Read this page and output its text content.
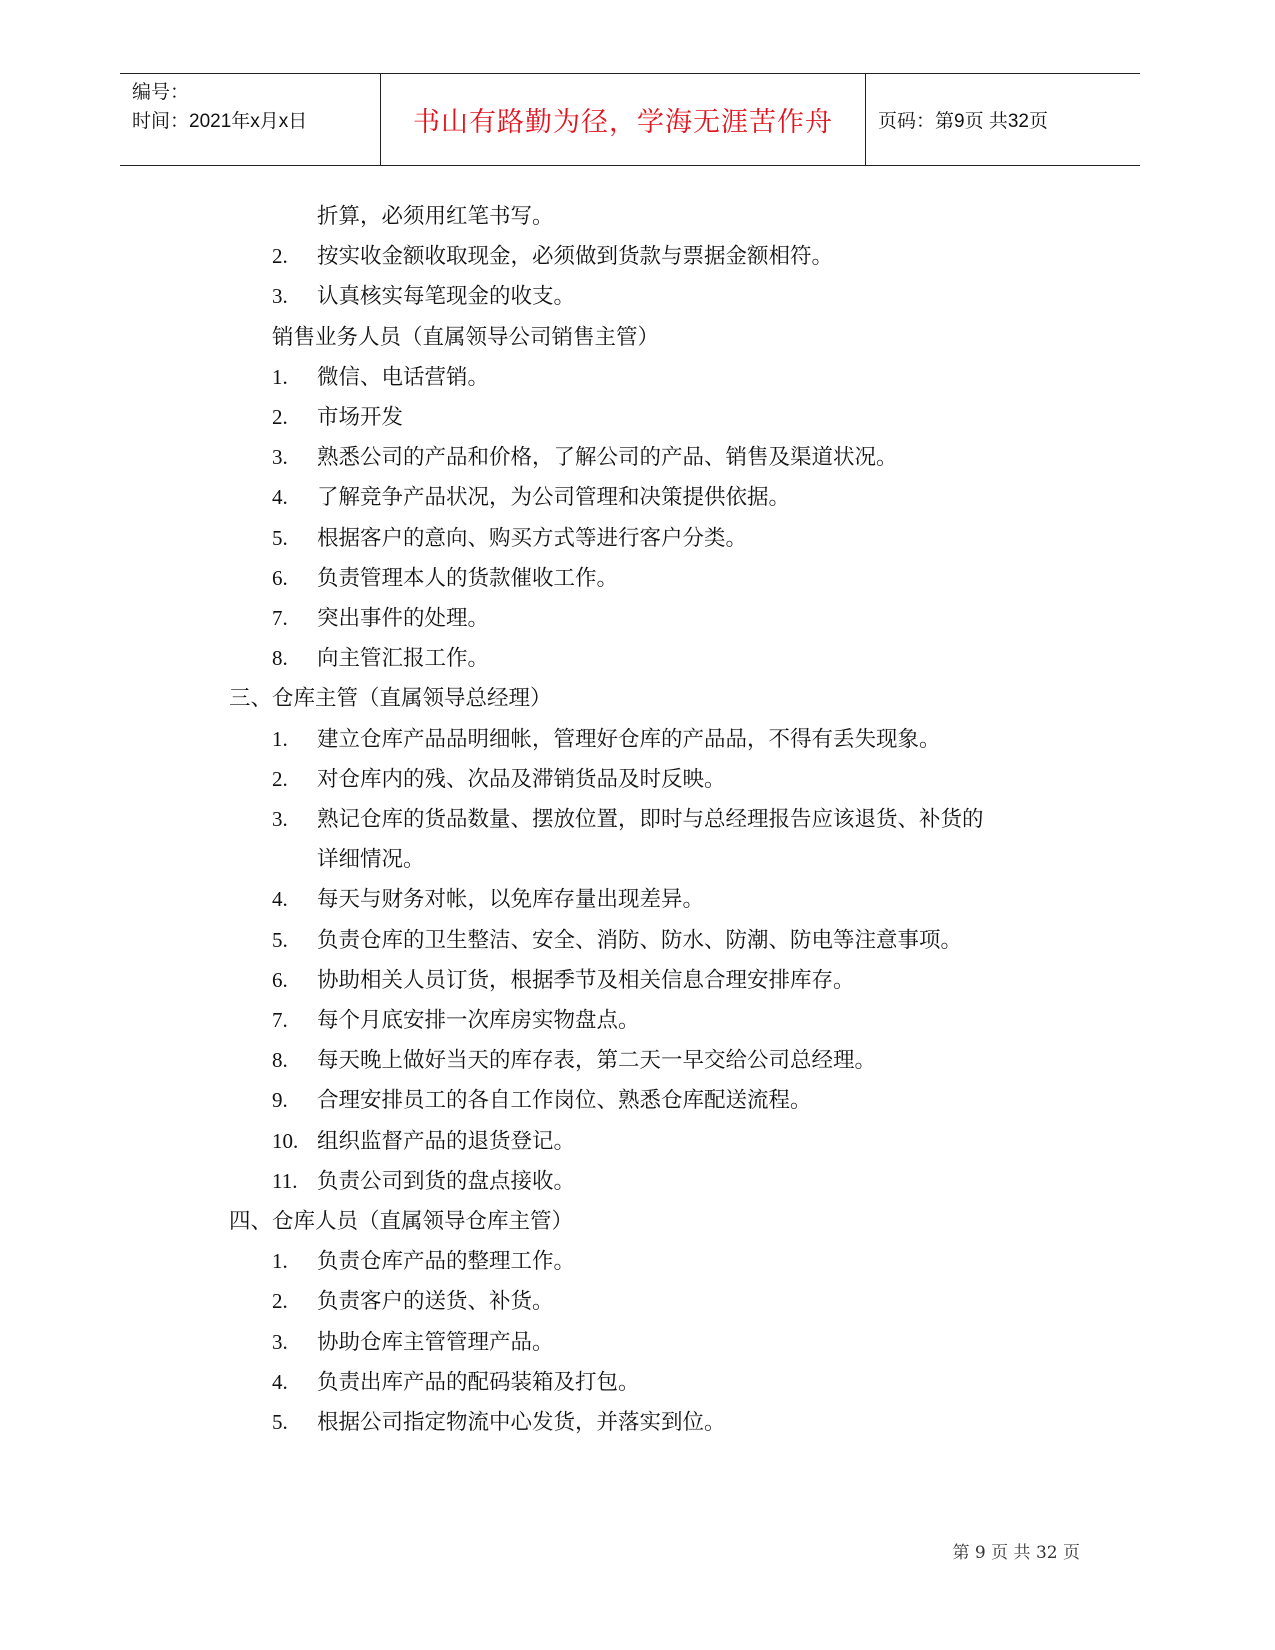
编号：
时间：2021年x月x日	书山有路勤为径，学海无涯苦作舟 页码：第9页 共32页
折算，必须用红笔书写。
2. 按实收金额收取现金，必须做到货款与票据金额相符。
3. 认真核实每笔现金的收支。
销售业务人员（直属领导公司销售主管）
1. 微信、电话营销。
2. 市场开发
3. 熟悉公司的产品和价格，了解公司的产品、销售及渠道状况。
4. 了解竞争产品状况，为公司管理和决策提供依据。
5. 根据客户的意向、购买方式等进行客户分类。
6. 负责管理本人的货款催收工作。
7. 突出事件的处理。
8. 向主管汇报工作。
三、仓库主管（直属领导总经理）
1. 建立仓库产品品明细帐，管理好仓库的产品品，不得有丢失现象。
2. 对仓库内的残、次品及滞销货品及时反映。
3. 熟记仓库的货品数量、摆放位置，即时与总经理报告应该退货、补货的
详细情况。
4. 每天与财务对帐，以免库存量出现差异。
5. 负责仓库的卫生整洁、安全、消防、防水、防潮、防电等注意事项。
6. 协助相关人员订货，根据季节及相关信息合理安排库存。
7. 每个月底安排一次库房实物盘点。
8. 每天晚上做好当天的库存表，第二天一早交给公司总经理。
9. 合理安排员工的各自工作岗位、熟悉仓库配送流程。
10. 组织监督产品的退货登记。
11. 负责公司到货的盘点接收。
四、仓库人员（直属领导仓库主管）
1. 负责仓库产品的整理工作。
2. 负责客户的送货、补货。
3. 协助仓库主管管理产品。
4. 负责出库产品的配码装箱及打包。
5. 根据公司指定物流中心发货，并落实到位。
第 9 页 共 32 页
